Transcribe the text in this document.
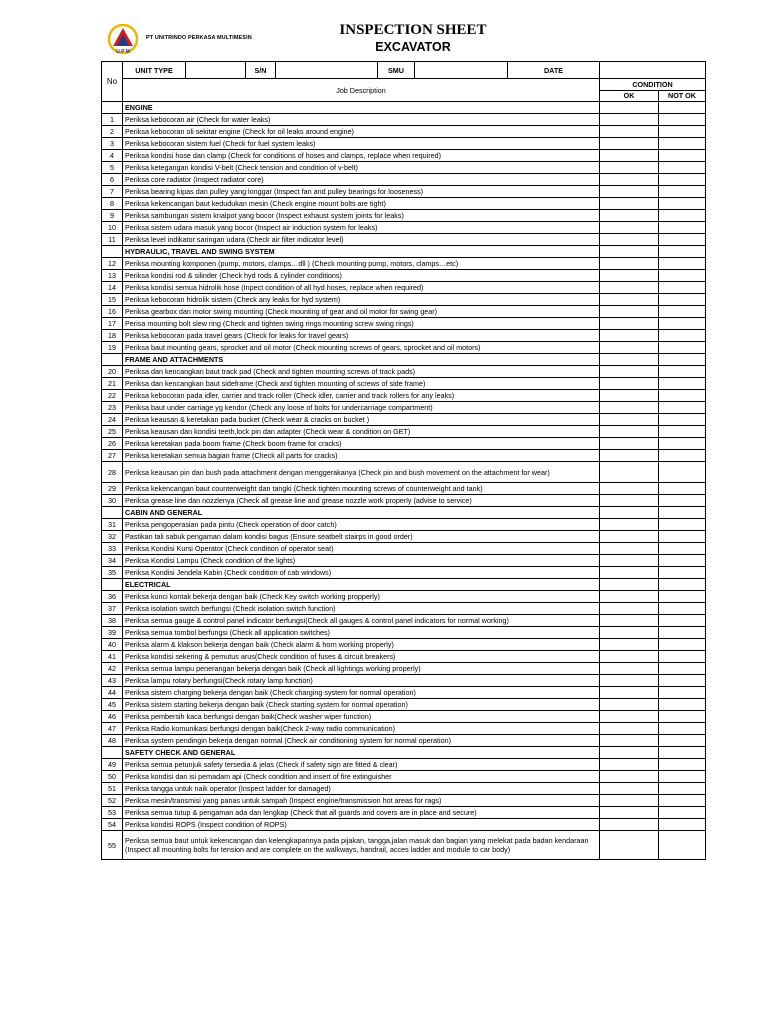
U P M
PT UNITRINDO PERKASA MULTIMESIN	INSPECTION SHEET
EXCAVATOR
No	UNIT TYPE		S/N		SMU		DATE		
	Job Description							CONDITION	
								OK	NOT OK
	ENGINE								
1	Periksa kebocoran air (Check for water leaks)								
2	Periksa kebocoran oli sekitar engine (Check for oil leaks around engine)								
3	Periksa kebocoran sistem fuel (Check for fuel system leaks)								
4	Periksa kondisi hose dan clamp (Check for conditions of hoses and clamps, replace when required)								
5	Periksa ketegangan kondisi V-belt (Check tension and condition of v-belt)								
6	Periksa core radiator (Inspect radiator core)								
7	Periksa bearing kipas dan pulley yang longgar (Inspect fan and pulley bearings for looseness)								
8	Periksa kekencangan baut kedudukan mesin (Check engine mount bolts are tight)								
9	Periksa sambungan sistem knalpot yang bocor (Inspect exhaust system joints for leaks)								
10	Periksa sistem udara masuk yang bocor (Inspect air induction system for leaks)								
11	Periksa level indikator saringan udara (Check air filter indicator level)								
	HYDRAULIC, TRAVEL AND SWING SYSTEM								
12	Periksa mounting komponen (pump, motors, clamps…dll ) (Check mounting pump, motors, clamps…etc)								
13	Periksa kondisi rod & silinder (Check hyd rods & cylinder conditions)								
14	Periksa kondisi semua hidrolik hose (Inpect condition of all hyd hoses, replace when required)								
15	Periksa kebocoran hidrolik sistem (Check any leaks for hyd system)								
16	Periksa gearbox dan motor swing mounting (Check mounting of gear and oil motor for swing gear)								
17	Perisa mounting bolt slew ring (Check and tighten swing rings mounting screw swing rings)								
18	Periksa kebocoran pada travel gears (Check for leaks for travel gears)								
19	Periksa baut mounting gears, sprocket and oil motor (Check mounting screws of gears, sprocket and oil motors)								
	FRAME AND ATTACHMENTS								
20	Periksa dan kencangkan baut track pad (Check and tighten mounting screws of track pads)								
21	Periksa dan kencangkan baut sideframe (Check and tighten mounting of screws of side frame)								
22	Periksa kebocoran pada idler, carrier and track roller (Check idler, carrier and track rollers for any leaks)								
23	Periksa baut under carriage yg kendor (Check any loose of bolts for undercarriage compartment)								
24	Periksa keausan & keretakan pada bucket (Check wear & cracks on bucket )								
25	Periksa keausan dan kondisi teeth,lock pin dan adapter (Check wear & condition on GET)								
26	Periksa keretakan pada boom frame (Check boom frame for cracks)								
27	Periksa keretakan semua bagian frame (Check all parts for cracks)								
28	Periksa keausan pin dan bush pada attachment dengan menggerakanya (Check pin and bush movement on the attachment for wear)								
29	Periksa kekencangan baut counterweight dan tangki (Check tighten mounting screws of counterweight and tank)								
30	Periksa grease line dan nozzlenya (Check all grease line and grease nozzle work properly (advise to service)								
	CABIN AND GENERAL								
31	Periksa pengoperasian pada pintu (Check operation of door catch)								
32	Pastikan tali sabuk pengaman dalam kondisi bagus (Ensure seatbelt stairps in good order)								
33	Periksa Kondisi Kursi Operator (Check condition of operator seat)								
34	Periksa Kondisi Lampu (Check condition of the lights)								
35	Periksa Kondisi Jendela Kabin (Check condition of cab windows)								
	ELECTRICAL								
36	Periksa kunci kontak bekerja dengan baik (Check Key switch working propperly)								
37	Periksa isolation switch berfungsi (Check isolation switch function)								
38	Periksa semua gauge & control panel indicator berfungsi(Check all gauges & control panel indicators for normal working)								
39	Periksa semua tombol berfungsi (Check all application switches)								
40	Periksa alarm & klakson bekerja dengan baik (Check alarm & horn working properly)								
41	Periksa kondisi sekering & pemutus arus(Check condition of fuses & circuit breakers)								
42	Periksa semua lampu penerangan bekerja dengan baik (Check all lightings working properly)								
43	Periksa lampu rotary berfungsi(Check rotary lamp function)								
44	Periksa sistem charging bekerja dengan baik (Check charging system for normal operation)								
45	Periksa sistem starting bekerja dengan baik (Check starting system for normal operation)								
46	Periksa pembersih kaca berfungsi dengan baik(Check washer wiper function)								
47	Periksa Radio komunikasi berfungsi dengan baik(Check 2-way radio communication)								
48	Periksa system pendingin bekerja dengan normal (Check air conditioning system for normal operation)								
	SAFETY CHECK AND GENERAL								
49	Periksa semua petunjuk safety tersedia & jelas (Check if safety sign are fitted & clear)								
50	Periksa kondisi dan isi pemadam api (Check condition and insert of fire extinguisher								
51	Periksa tangga untuk naik operator (Inspect ladder for damaged)								
52	Periksa mesin/transmisi yang panas untuk sampah (Inspect engine/transmission hot areas for rags)								
53	Periksa semua tutup & pengaman ada dan lengkap (Check that all guards and covers are in place and secure)								
54	Periksa kondisi ROPS (Inspect condition of ROPS)								
55	Periksa semua baut untuk kekencangan dan kelengkapannya pada pijakan, tangga,jalan masuk dan bagian yang melekat pada badan kendaraan (Inspect all mounting bolts for tension and are complete on the walkways, handrail, acces ladder and module to car body)								
